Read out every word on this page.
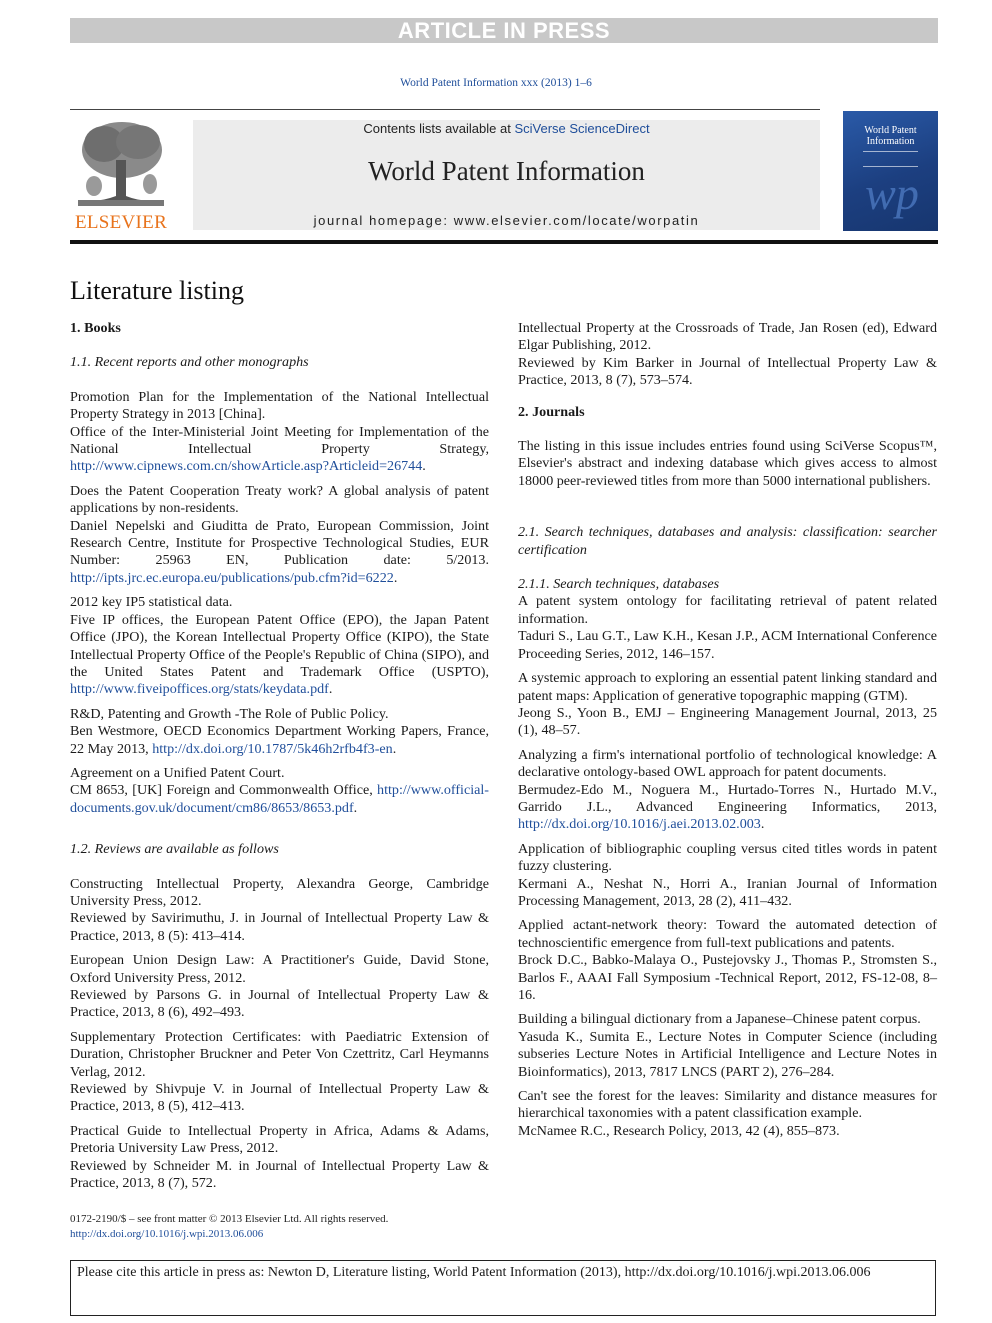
ARTICLE IN PRESS
World Patent Information xxx (2013) 1–6
ELSEVIER
Contents lists available at SciVerse ScienceDirect
World Patent Information
journal homepage: www.elsevier.com/locate/worpatin
World Patent
Information
wp
Literature listing

1. Books

1.1. Recent reports and other monographs

Promotion Plan for the Implementation of the National Intellectual Property Strategy in 2013 [China].

Office of the Inter-Ministerial Joint Meeting for Implementation of the National Intellectual Property Strategy, http://www.cipnews.com.cn/showArticle.asp?Articleid=26744.

Does the Patent Cooperation Treaty work? A global analysis of patent applications by non-residents.

Daniel Nepelski and Giuditta de Prato, European Commission, Joint Research Centre, Institute for Prospective Technological Studies, EUR Number: 25963 EN, Publication date: 5/2013. http://ipts.jrc.ec.europa.eu/publications/pub.cfm?id=6222.

2012 key IP5 statistical data.

Five IP offices, the European Patent Office (EPO), the Japan Patent Office (JPO), the Korean Intellectual Property Office (KIPO), the State Intellectual Property Office of the People's Republic of China (SIPO), and the United States Patent and Trademark Office (USPTO), http://www.fiveipoffices.org/stats/keydata.pdf.

R&D, Patenting and Growth -The Role of Public Policy.

Ben Westmore, OECD Economics Department Working Papers, France, 22 May 2013, http://dx.doi.org/10.1787/5k46h2rfb4f3-en.

Agreement on a Unified Patent Court.

CM 8653, [UK] Foreign and Commonwealth Office, http://www.official-documents.gov.uk/document/cm86/8653/8653.pdf.

1.2. Reviews are available as follows

Constructing Intellectual Property, Alexandra George, Cambridge University Press, 2012.

Reviewed by Savirimuthu, J. in Journal of Intellectual Property Law & Practice, 2013, 8 (5): 413–414.

European Union Design Law: A Practitioner's Guide, David Stone, Oxford University Press, 2012.

Reviewed by Parsons G. in Journal of Intellectual Property Law & Practice, 2013, 8 (6), 492–493.

Supplementary Protection Certificates: with Paediatric Extension of Duration, Christopher Bruckner and Peter Von Czettritz, Carl Heymanns Verlag, 2012.

Reviewed by Shivpuje V. in Journal of Intellectual Property Law & Practice, 2013, 8 (5), 412–413.

Practical Guide to Intellectual Property in Africa, Adams & Adams, Pretoria University Law Press, 2012.

Reviewed by Schneider M. in Journal of Intellectual Property Law & Practice, 2013, 8 (7), 572.

Intellectual Property at the Crossroads of Trade, Jan Rosen (ed), Edward Elgar Publishing, 2012.

Reviewed by Kim Barker in Journal of Intellectual Property Law & Practice, 2013, 8 (7), 573–574.

2. Journals

The listing in this issue includes entries found using SciVerse Scopus™, Elsevier's abstract and indexing database which gives access to almost 18000 peer-reviewed titles from more than 5000 international publishers.

2.1. Search techniques, databases and analysis: classification: searcher certification

2.1.1. Search techniques, databases

A patent system ontology for facilitating retrieval of patent related information.

Taduri S., Lau G.T., Law K.H., Kesan J.P., ACM International Conference Proceeding Series, 2012, 146–157.

A systemic approach to exploring an essential patent linking standard and patent maps: Application of generative topographic mapping (GTM).

Jeong S., Yoon B., EMJ – Engineering Management Journal, 2013, 25 (1), 48–57.

Analyzing a firm's international portfolio of technological knowledge: A declarative ontology-based OWL approach for patent documents.

Bermudez-Edo M., Noguera M., Hurtado-Torres N., Hurtado M.V., Garrido J.L., Advanced Engineering Informatics, 2013, http://dx.doi.org/10.1016/j.aei.2013.02.003.

Application of bibliographic coupling versus cited titles words in patent fuzzy clustering.

Kermani A., Neshat N., Horri A., Iranian Journal of Information Processing Management, 2013, 28 (2), 411–432.

Applied actant-network theory: Toward the automated detection of technoscientific emergence from full-text publications and patents.

Brock D.C., Babko-Malaya O., Pustejovsky J., Thomas P., Stromsten S., Barlos F., AAAI Fall Symposium -Technical Report, 2012, FS-12-08, 8–16.

Building a bilingual dictionary from a Japanese–Chinese patent corpus.

Yasuda K., Sumita E., Lecture Notes in Computer Science (including subseries Lecture Notes in Artificial Intelligence and Lecture Notes in Bioinformatics), 2013, 7817 LNCS (PART 2), 276–284.

Can't see the forest for the leaves: Similarity and distance measures for hierarchical taxonomies with a patent classification example.

McNamee R.C., Research Policy, 2013, 42 (4), 855–873.

0172-2190/$ – see front matter © 2013 Elsevier Ltd. All rights reserved.
http://dx.doi.org/10.1016/j.wpi.2013.06.006
Please cite this article in press as: Newton D, Literature listing, World Patent Information (2013), http://dx.doi.org/10.1016/j.wpi.2013.06.006
